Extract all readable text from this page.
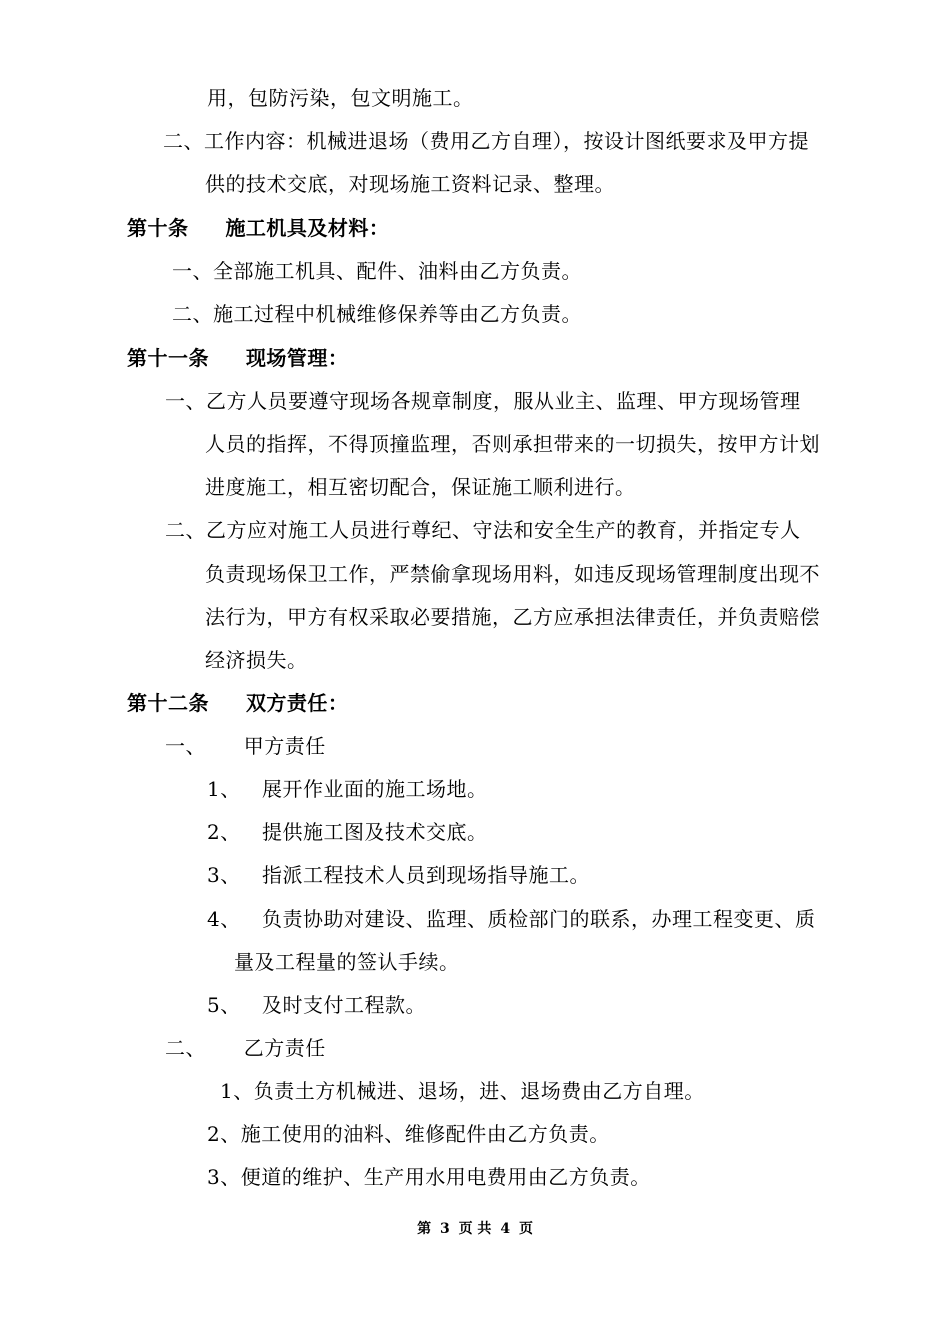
用，包防污染，包文明施工。
二、工作内容：机械进退场（费用乙方自理），按设计图纸要求及甲方提
供的技术交底，对现场施工资料记录、整理。
第十条 施工机具及材料：
一、全部施工机具、配件、油料由乙方负责。
二、施工过程中机械维修保养等由乙方负责。
第十一条 现场管理：
一、乙方人员要遵守现场各规章制度，服从业主、监理、甲方现场管理
人员的指挥，不得顶撞监理，否则承担带来的一切损失，按甲方计划
进度施工，相互密切配合，保证施工顺利进行。
二、乙方应对施工人员进行尊纪、守法和安全生产的教育，并指定专人
负责现场保卫工作，严禁偷拿现场用料，如违反现场管理制度出现不
法行为，甲方有权采取必要措施，乙方应承担法律责任，并负责赔偿
经济损失。
第十二条 双方责任：
一、 甲方责任
1、 展开作业面的施工场地。
2、 提供施工图及技术交底。
3、 指派工程技术人员到现场指导施工。
4、 负责协助对建设、监理、质检部门的联系，办理工程变更、质
量及工程量的签认手续。
5、 及时支付工程款。
二、 乙方责任
1、负责土方机械进、退场，进、退场费由乙方自理。
2、施工使用的油料、维修配件由乙方负责。
3、便道的维护、生产用水用电费用由乙方负责。
第 3 页 共 4 页
